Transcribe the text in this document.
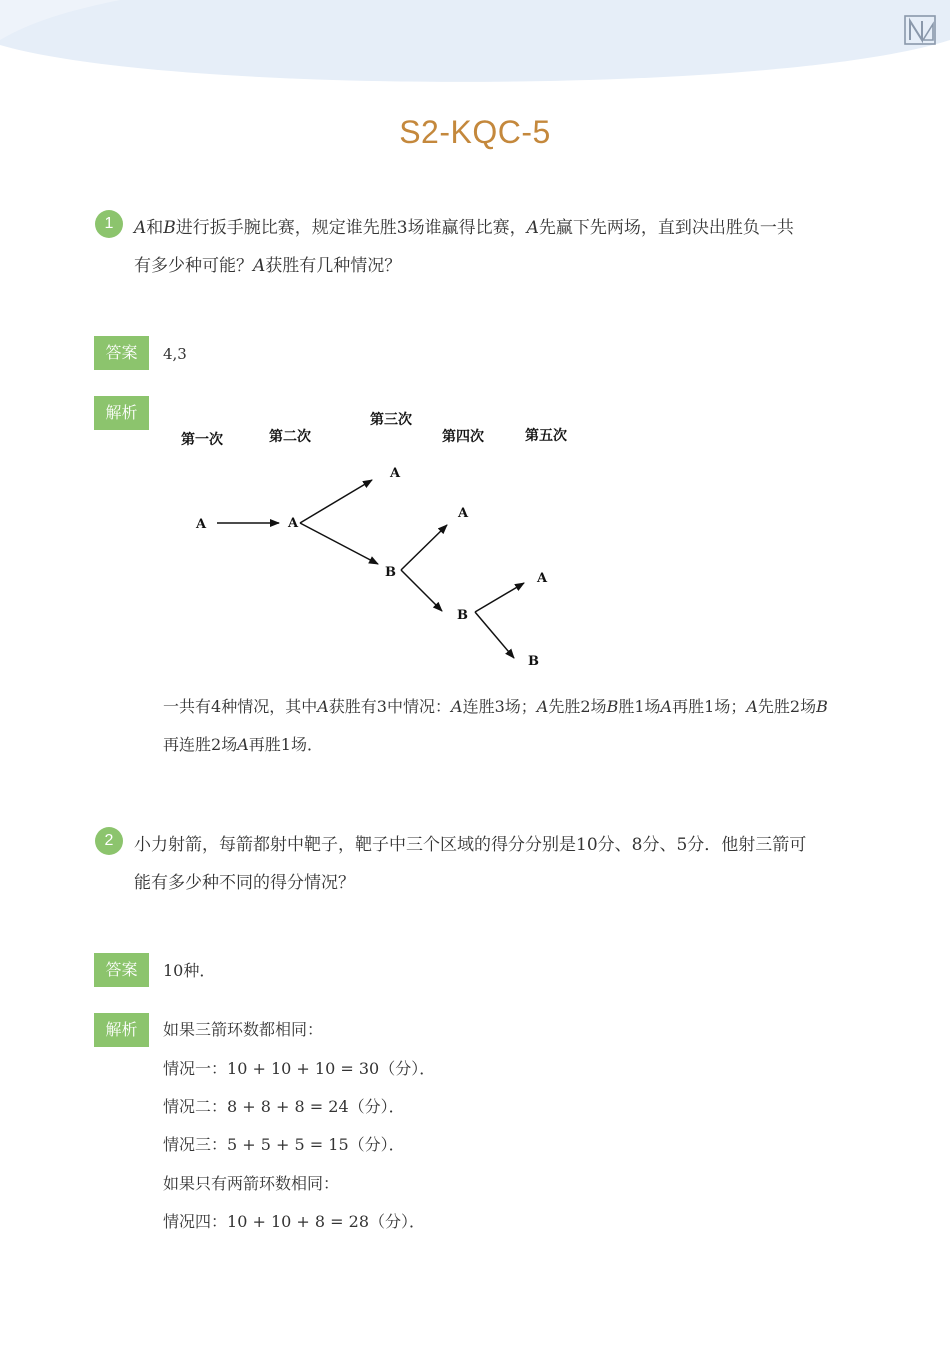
S2-KQC-5
1	A和B进行扳手腕比赛，规定谁先胜3场谁赢得比赛，A先赢下先两场，直到决出胜负一共
有多少种可能？A获胜有几种情况？
答案	4,3
解析
第一次	第二次
第三次
第四次	第五次
A	A
A
B
A
B
A
B
一共有4种情况，其中A获胜有3中情况：A连胜3场；A先胜2场B胜1场A再胜1场；A先胜2场B
再连胜2场A再胜1场．
2	小力射箭，每箭都射中靶子，靶子中三个区域的得分分别是10分、8分、5分．他射三箭可
能有多少种不同的得分情况？
答案	10种．
解析	如果三箭环数都相同：
情况一：10 + 10 + 10 = 30（分）．
情况二：8 + 8 + 8 = 24（分）．
情况三：5 + 5 + 5 = 15（分）．
如果只有两箭环数相同：
情况四：10 + 10 + 8 = 28（分）．
